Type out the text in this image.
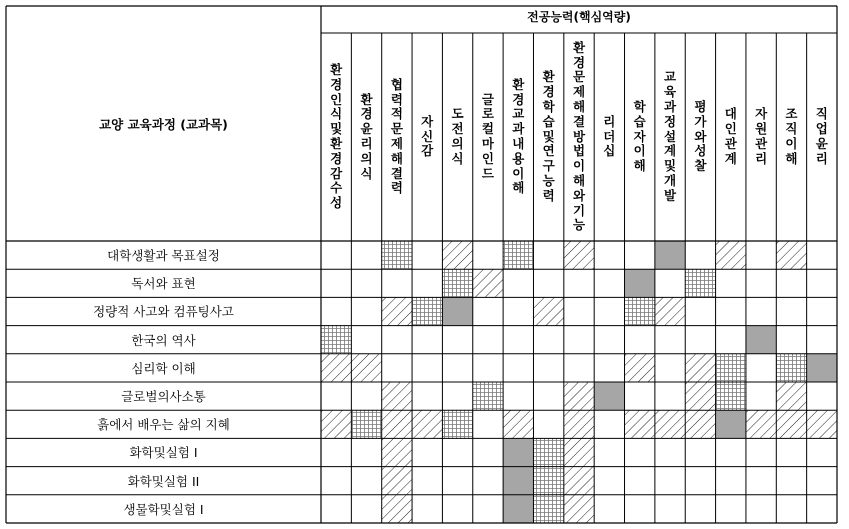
대학생활과 목표설정
독서와 표현
정량적 사고와 컴퓨팅사고
한국의 역사
심리학 이해
글로벌의사소통
흙에서 배우는 삶의 지혜
화학및실험 I
화학및실험 II
생물학및실험 I
환
경
인
식
및
환
경
감
수
성
환
경
윤
리
의
식
협
력
적
문
제
해
결
력
자
신
감
도
전
의
식
글
로
컬
마
인
드
환
경
교
과
내
용
이
해
환
경
학
습
및
연
구
능
력
환
경
문
제
해
결
방
법
이
해
와
기
능
리
더
십
학
습
자
이
해
교
육
과
정
설
계
및
개
발
평
가
와
성
찰
대
인
관
계
자
원
관
리
조
직
이
해
직
업
윤
리
교양 교육과정 (교과목)
전공능력(핵심역량)
